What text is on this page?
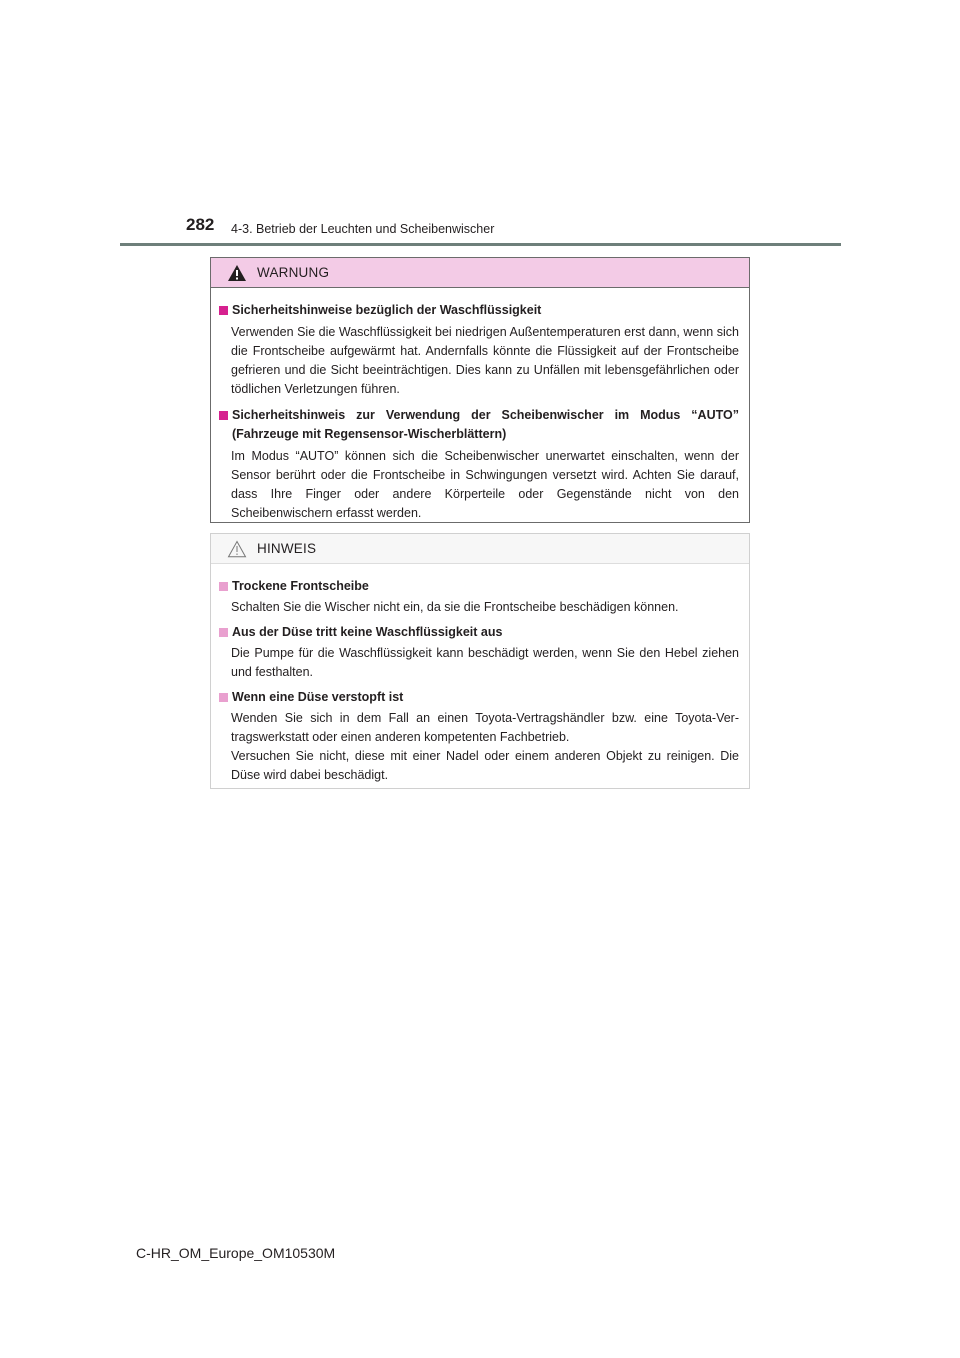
282 4-3. Betrieb der Leuchten und Scheibenwischer
WARNUNG
Sicherheitshinweise bezüglich der Waschflüssigkeit
Verwenden Sie die Waschflüssigkeit bei niedrigen Außentemperaturen erst dann, wenn sich die Frontscheibe aufgewärmt hat. Andernfalls könnte die Flüssigkeit auf der Frontscheibe gefrieren und die Sicht beeinträchtigen. Dies kann zu Unfällen mit lebensgefährlichen oder tödlichen Verletzungen führen.
Sicherheitshinweis zur Verwendung der Scheibenwischer im Modus “AUTO” (Fahrzeuge mit Regensensor-Wischerblättern)
Im Modus “AUTO” können sich die Scheibenwischer unerwartet einschalten, wenn der Sensor berührt oder die Frontscheibe in Schwingungen versetzt wird. Achten Sie darauf, dass Ihre Finger oder andere Körperteile oder Gegenstände nicht von den Scheibenwischern erfasst werden.
HINWEIS
Trockene Frontscheibe
Schalten Sie die Wischer nicht ein, da sie die Frontscheibe beschädigen können.
Aus der Düse tritt keine Waschflüssigkeit aus
Die Pumpe für die Waschflüssigkeit kann beschädigt werden, wenn Sie den Hebel ziehen und festhalten.
Wenn eine Düse verstopft ist
Wenden Sie sich in dem Fall an einen Toyota-Vertragshändler bzw. eine Toyota-Ver- tragswerkstatt oder einen anderen kompetenten Fachbetrieb.
Versuchen Sie nicht, diese mit einer Nadel oder einem anderen Objekt zu reinigen. Die Düse wird dabei beschädigt.
C-HR_OM_Europe_OM10530M
